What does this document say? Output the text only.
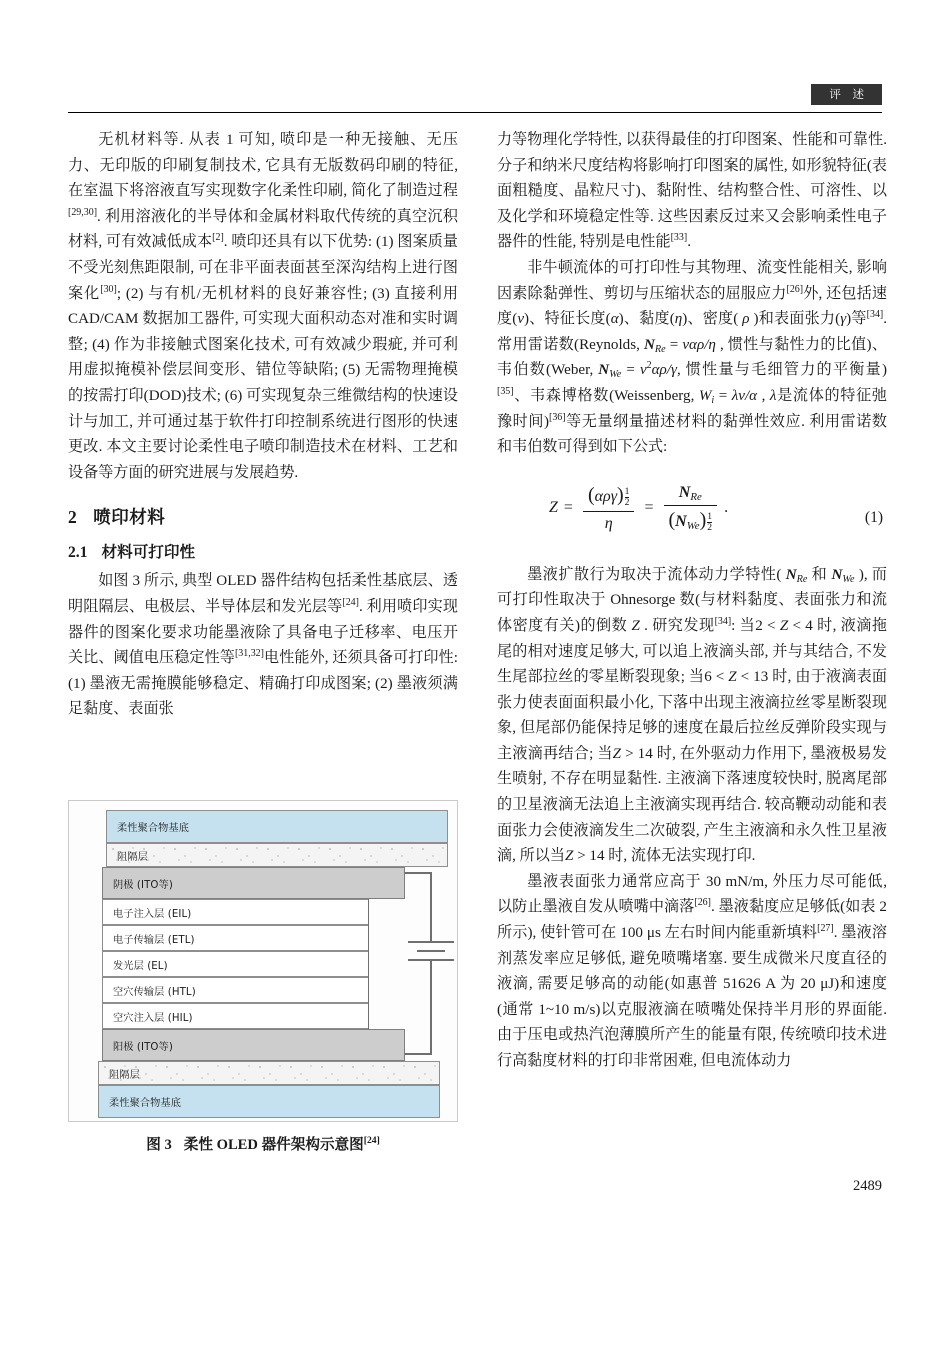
评 述

无机材料等. 从表 1 可知, 喷印是一种无接触、无压力、无印版的印刷复制技术, 它具有无版数码印刷的特征, 在室温下将溶液直写实现数字化柔性印刷, 简化了制造过程[29,30]. 利用溶液化的半导体和金属材料取代传统的真空沉积材料, 可有效减低成本[2]. 喷印还具有以下优势: (1) 图案质量不受光刻焦距限制, 可在非平面表面甚至深沟结构上进行图案化[30]; (2) 与有机/无机材料的良好兼容性; (3) 直接利用 CAD/CAM 数据加工器件, 可实现大面积动态对准和实时调整; (4) 作为非接触式图案化技术, 可有效减少瑕疵, 并可利用虚拟掩模补偿层间变形、错位等缺陷; (5) 无需物理掩模的按需打印(DOD)技术; (6) 可实现复杂三维微结构的快速设计与加工, 并可通过基于软件打印控制系统进行图形的快速更改. 本文主要讨论柔性电子喷印制造技术在材料、工艺和设备等方面的研究进展与发展趋势.

2 喷印材料
2.1 材料可打印性

如图 3 所示, 典型 OLED 器件结构包括柔性基底层、透明阻隔层、电极层、半导体层和发光层等[24]. 利用喷印实现器件的图案化要求功能墨液除了具备电子迁移率、电压开关比、阈值电压稳定性等[31,32]电性能外, 还须具备可打印性: (1) 墨液无需掩膜能够稳定、精确打印成图案; (2) 墨液须满足黏度、表面张

柔性聚合物基底
阻隔层
阴极 (ITO等)
电子注入层 (EIL)
电子传输层 (ETL)
发光层 (EL)
空穴传输层 (HTL)
空穴注入层 (HIL)
阳极 (ITO等)
阻隔层
柔性聚合物基底
图 3 柔性 OLED 器件架构示意图[24]

力等物理化学特性, 以获得最佳的打印图案、性能和可靠性. 分子和纳米尺度结构将影响打印图案的属性, 如形貌特征(表面粗糙度、晶粒尺寸)、黏附性、结构整合性、可溶性、以及化学和环境稳定性等. 这些因素反过来又会影响柔性电子器件的性能, 特别是电性能[33].

非牛顿流体的可打印性与其物理、流变性能相关, 影响因素除黏弹性、剪切与压缩状态的屈服应力[26]外, 还包括速度(ν)、特征长度(α)、黏度(η)、密度( ρ )和表面张力(γ)等[34]. 常用雷诺数(Reynolds, $N_{Re} = \nu\alpha\rho/\eta$ , 惯性与黏性力的比值)、韦伯数(Weber, $N_{We} = \nu^2\alpha\rho/\gamma$, 惯性量与毛细管力的平衡量)[35]、韦森博格数(Weissenberg, $W_i = \lambda\nu/\alpha$ , λ是流体的特征弛豫时间)[36]等无量纲量描述材料的黏弹性效应. 利用雷诺数和韦伯数可得到如下公式:

$Z = \frac{(\alpha\rho\gamma) \frac{1}{2}}{\eta} = \frac{N_{Re}}{(N_{We}) \frac{1}{2}}$ .
(1)

墨液扩散行为取决于流体动力学特性( $N_{Re}$ 和 $N_{We}$ ), 而可打印性取决于 Ohnesorge 数(与材料黏度、表面张力和流体密度有关)的倒数 Z . 研究发现[34]: 当2 < Z < 4 时, 液滴拖尾的相对速度足够大, 可以追上液滴头部, 并与其结合, 不发生尾部拉丝的零星断裂现象; 当6 < Z < 13 时, 由于液滴表面张力使表面面积最小化, 下落中出现主液滴拉丝零星断裂现象, 但尾部仍能保持足够的速度在最后拉丝反弹阶段实现与主液滴再结合; 当Z > 14 时, 在外驱动力作用下, 墨液极易发生喷射, 不存在明显黏性. 主液滴下落速度较快时, 脱离尾部的卫星液滴无法追上主液滴实现再结合. 较高鞭动动能和表面张力会使液滴发生二次破裂, 产生主液滴和永久性卫星液滴, 所以当Z > 14 时, 流体无法实现打印.

墨液表面张力通常应高于 30 mN/m, 外压力尽可能低, 以防止墨液自发从喷嘴中滴落[26]. 墨液黏度应足够低(如表 2 所示), 使针管可在 100 μs 左右时间内能重新填料[27]. 墨液溶剂蒸发率应足够低, 避免喷嘴堵塞. 要生成微米尺度直径的液滴, 需要足够高的动能(如惠普 51626 A 为 20 μJ)和速度(通常 1~10 m/s)以克服液滴在喷嘴处保持半月形的界面能. 由于压电或热汽泡薄膜所产生的能量有限, 传统喷印技术进行高黏度材料的打印非常困难, 但电流体动力

2489
